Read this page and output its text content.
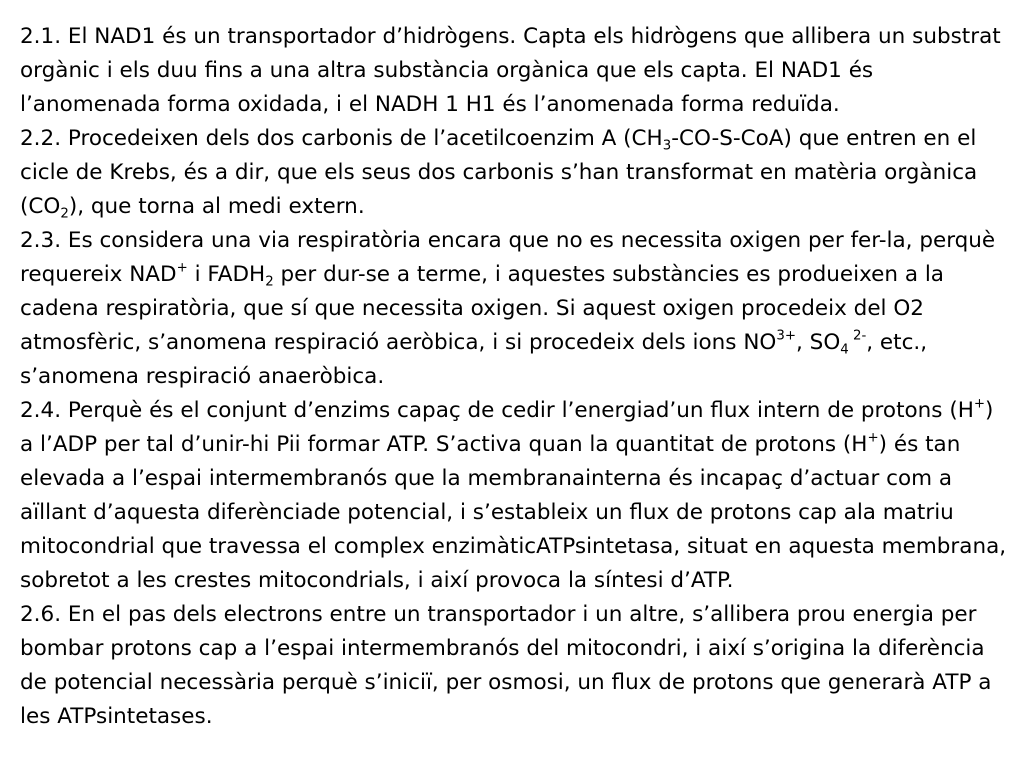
2.1. El NAD1 és un transportador d’hidrògens. Capta els hidrògens que allibera un substrat orgànic i els duu fins a una altra substància orgànica que els capta. El NAD1 és l’anomenada forma oxidada, i el NADH 1 H1 és l’anomenada forma reduïda.

2.2. Procedeixen dels dos carbonis de l’acetilcoenzim A $(CH_3-CO-S-CoA)$ que entren en el cicle de Krebs, és a dir, que els seus dos carbonis s’han transformat en matèria orgànica $(CO_2)$, que torna al medi extern.

2.3. Es considera una via respiratòria encara que no es necessita oxigen per fer-la, perquè requereix NAD+ i $FADH_2$ per dur-se a terme, i aquestes substàncies es produeixen a la cadena respiratòria, que sí que necessita oxigen. Si aquest oxigen procedeix del O2 atmosfèric, s’anomena respiració aeròbica, i si procedeix dels ions $NO^{3+}$, $SO_4$ $^{2-}$, etc., s’anomena respiració anaeròbica.

2.4. Perquè és el conjunt d’enzims capaç de cedir l’energiad’un flux intern de protons (H+) a l’ADP per tal d’unir-hi Pii formar ATP. S’activa quan la quantitat de protons (H+) és tan elevada a l’espai intermembranós que la membranainterna és incapaç d’actuar com a aïllant d’aquesta diferènciade potencial, i s’estableix un flux de protons cap ala matriu mitocondrial que travessa el complex enzimàticATPsintetasa, situat en aquesta membrana, sobretot a les crestes mitocondrials, i així provoca la síntesi d’ATP.

2.6. En el pas dels electrons entre un transportador i un altre, s’allibera prou energia per bombar protons cap a l’espai intermembranós del mitocondri, i així s’origina la diferència de potencial necessària perquè s’iniciï, per osmosi, un flux de protons que generarà ATP a les ATPsintetases.
